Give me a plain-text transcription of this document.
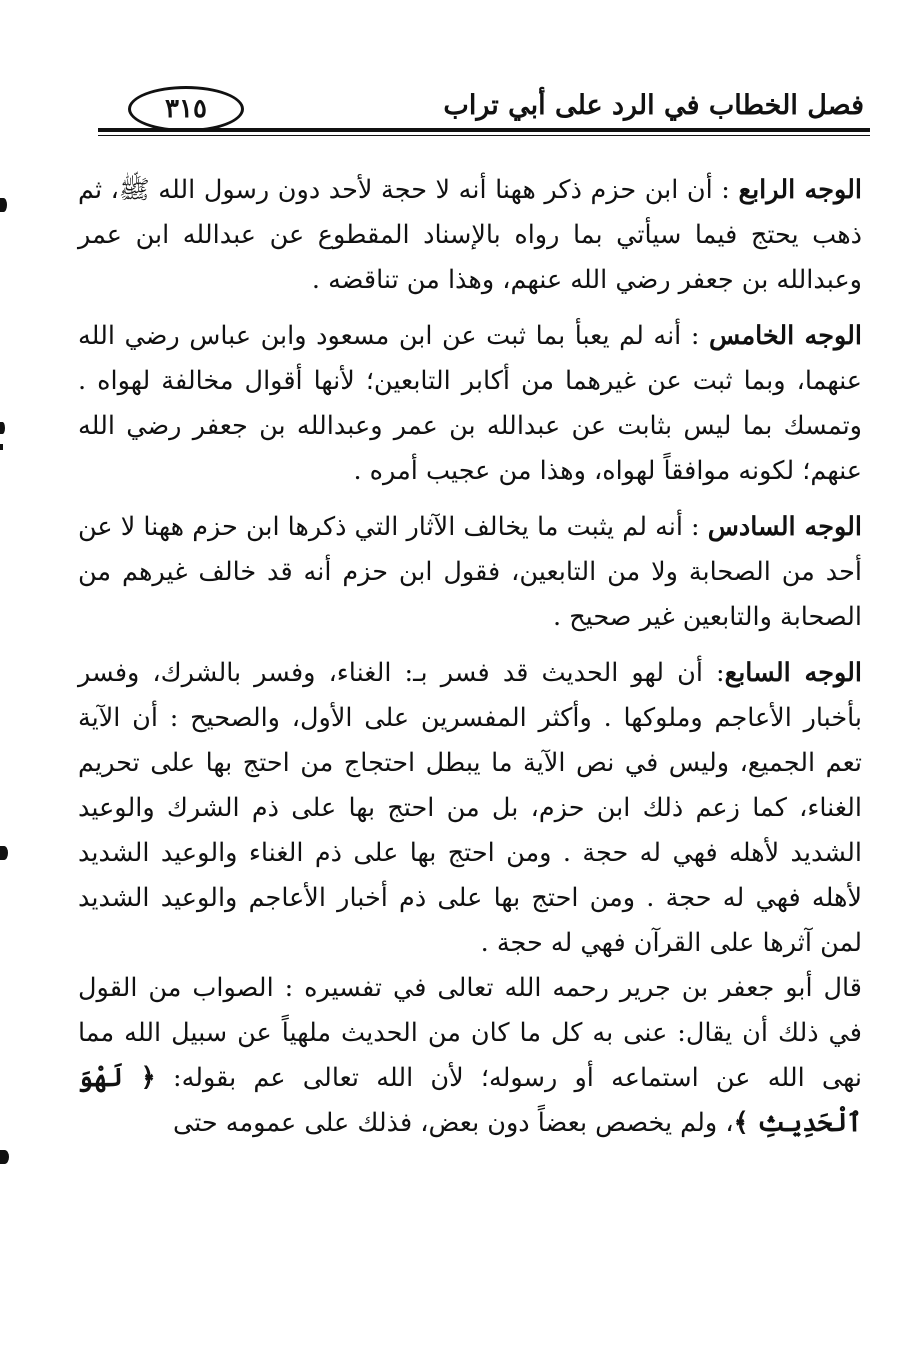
٣١٥	فصل الخطاب في الرد على أبي تراب

الوجه الرابع : أن ابن حزم ذكر ههنا أنه لا حجة لأحد دون رسول الله ﷺ، ثم ذهب يحتج فيما سيأتي بما رواه بالإسناد المقطوع عن عبدالله ابن عمر وعبدالله بن جعفر رضي الله عنهم، وهذا من تناقضه .

الوجه الخامس : أنه لم يعبأ بما ثبت عن ابن مسعود وابن عباس رضي الله عنهما، وبما ثبت عن غيرهما من أكابر التابعين؛ لأنها أقوال مخالفة لهواه . وتمسك بما ليس بثابت عن عبدالله بن عمر وعبدالله بن جعفر رضي الله عنهم؛ لكونه موافقاً لهواه، وهذا من عجيب أمره .

الوجه السادس : أنه لم يثبت ما يخالف الآثار التي ذكرها ابن حزم ههنا لا عن أحد من الصحابة ولا من التابعين، فقول ابن حزم أنه قد خالف غيرهم من الصحابة والتابعين غير صحيح .

الوجه السابع: أن لهو الحديث قد فسر بـ: الغناء، وفسر بالشرك، وفسر بأخبار الأعاجم وملوكها . وأكثر المفسرين على الأول، والصحيح : أن الآية تعم الجميع، وليس في نص الآية ما يبطل احتجاج من احتج بها على تحريم الغناء، كما زعم ذلك ابن حزم، بل من احتج بها على ذم الشرك والوعيد الشديد لأهله فهي له حجة . ومن احتج بها على ذم الغناء والوعيد الشديد لأهله فهي له حجة . ومن احتج بها على ذم أخبار الأعاجم والوعيد الشديد لمن آثرها على القرآن فهي له حجة .

قال أبو جعفر بن جرير رحمه الله تعالى في تفسيره : الصواب من القول في ذلك أن يقال: عنى به كل ما كان من الحديث ملهياً عن سبيل الله مما نهى الله عن استماعه أو رسوله؛ لأن الله تعالى عم بقوله: ﴿ لَهْوَ ٱلْحَدِيثِ ﴾، ولم يخصص بعضاً دون بعض، فذلك على عمومه حتى
